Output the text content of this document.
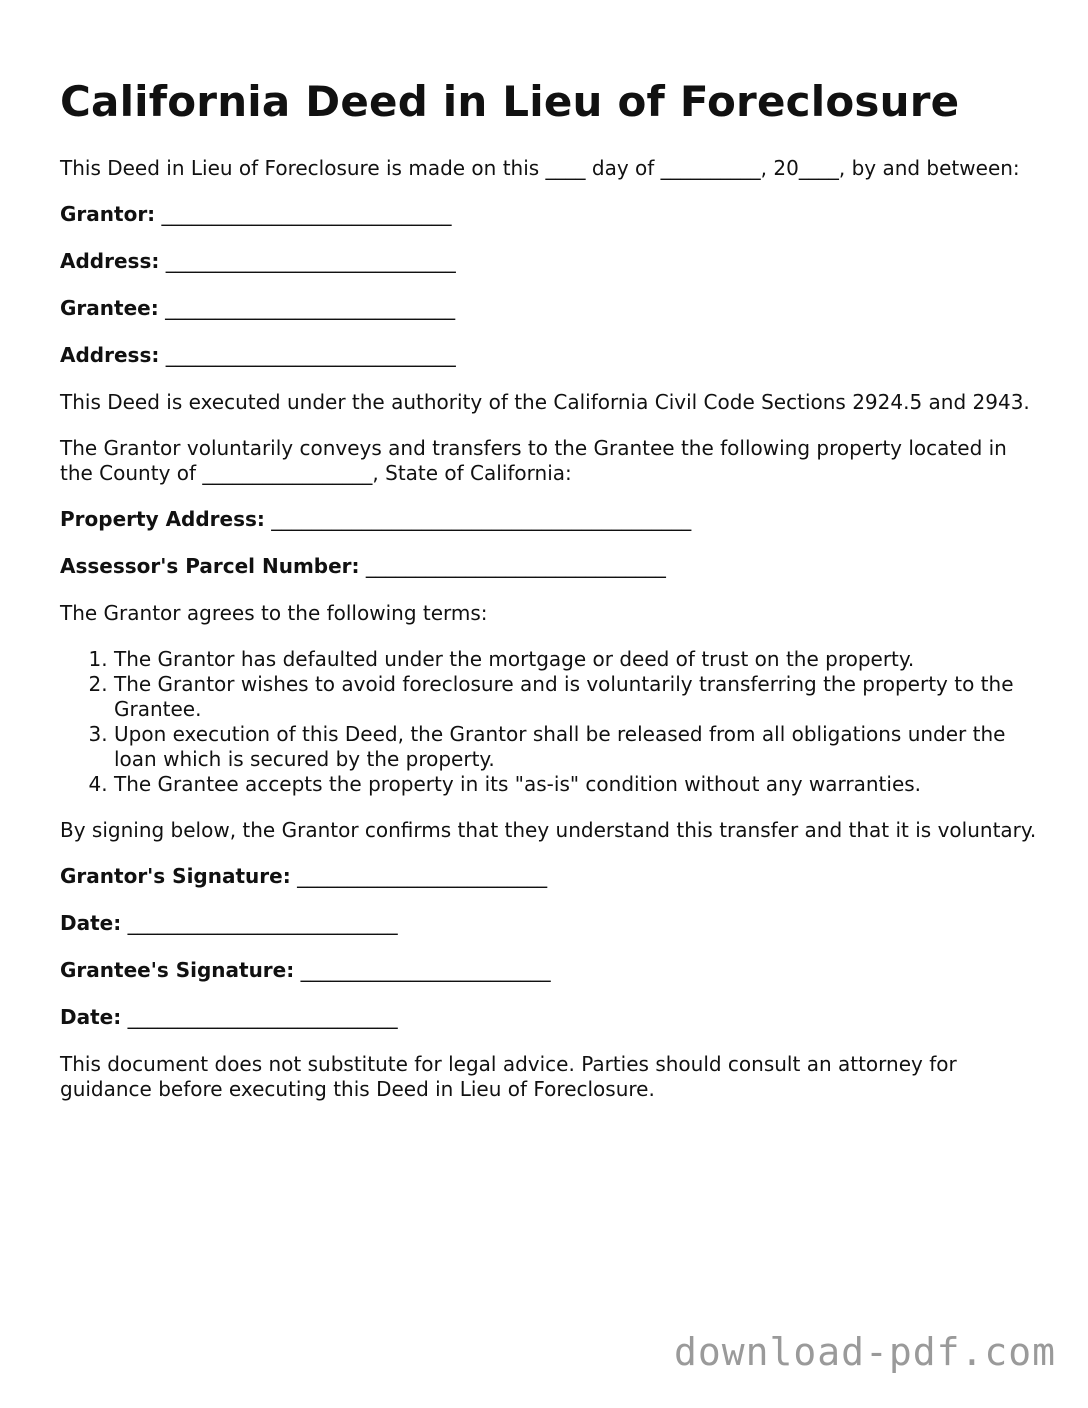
California Deed in Lieu of Foreclosure

This Deed in Lieu of Foreclosure is made on this ____ day of __________, 20____, by and between:

Grantor: _____________________________
Address: _____________________________
Grantee: _____________________________
Address: _____________________________

This Deed is executed under the authority of the California Civil Code Sections 2924.5 and 2943.

The Grantor voluntarily conveys and transfers to the Grantee the following property located in the County of _________________, State of California:

Property Address: __________________________________________
Assessor's Parcel Number: ______________________________

The Grantor agrees to the following terms:

1. The Grantor has defaulted under the mortgage or deed of trust on the property.
2. The Grantor wishes to avoid foreclosure and is voluntarily transferring the property to the Grantee.
3. Upon execution of this Deed, the Grantor shall be released from all obligations under the loan which is secured by the property.
4. The Grantee accepts the property in its "as-is" condition without any warranties.

By signing below, the Grantor confirms that they understand this transfer and that it is voluntary.

Grantor's Signature: _________________________
Date: ___________________________
Grantee's Signature: _________________________
Date: ___________________________

This document does not substitute for legal advice. Parties should consult an attorney for guidance before executing this Deed in Lieu of Foreclosure.

download-pdf.com
